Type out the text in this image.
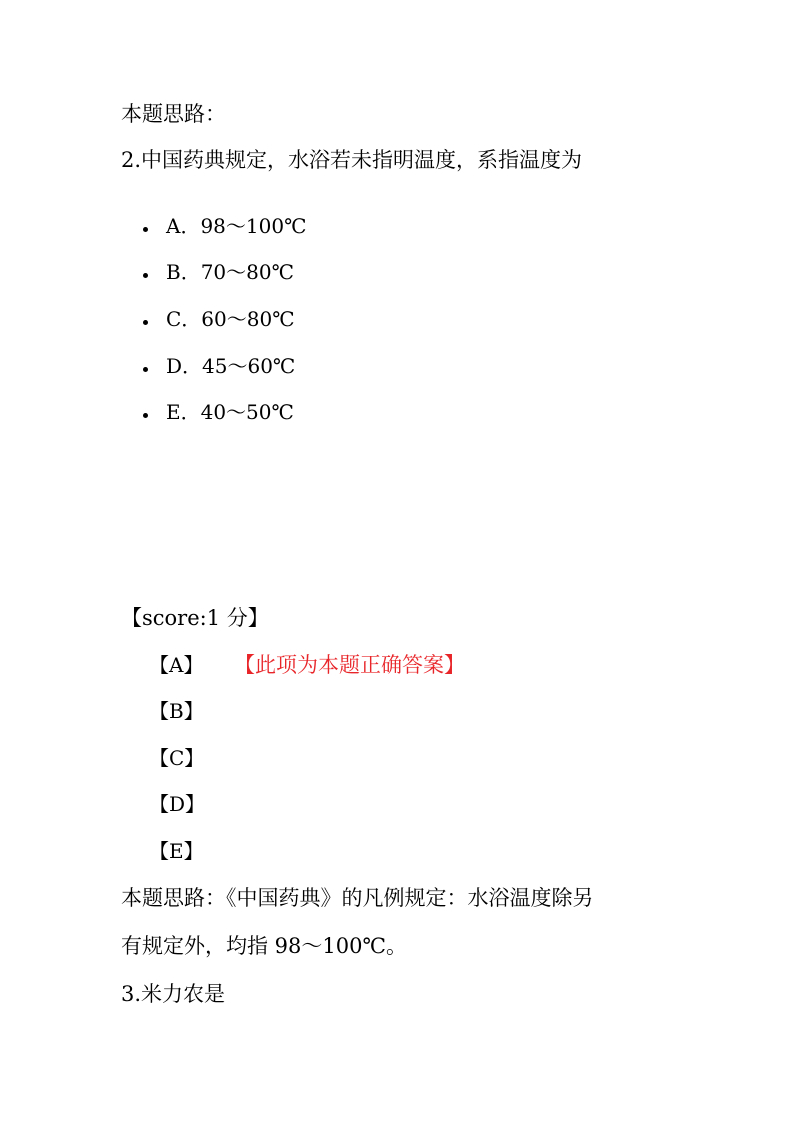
本题思路：
2.中国药典规定，水浴若未指明温度，系指温度为
A．98～100℃
B．70～80℃
C．60～80℃
D．45～60℃
E．40～50℃
【score:1 分】
【A】 【此项为本题正确答案】
【B】
【C】
【D】
【E】
本题思路：《中国药典》的凡例规定：水浴温度除另
有规定外，均指 98～100℃。
3.米力农是
